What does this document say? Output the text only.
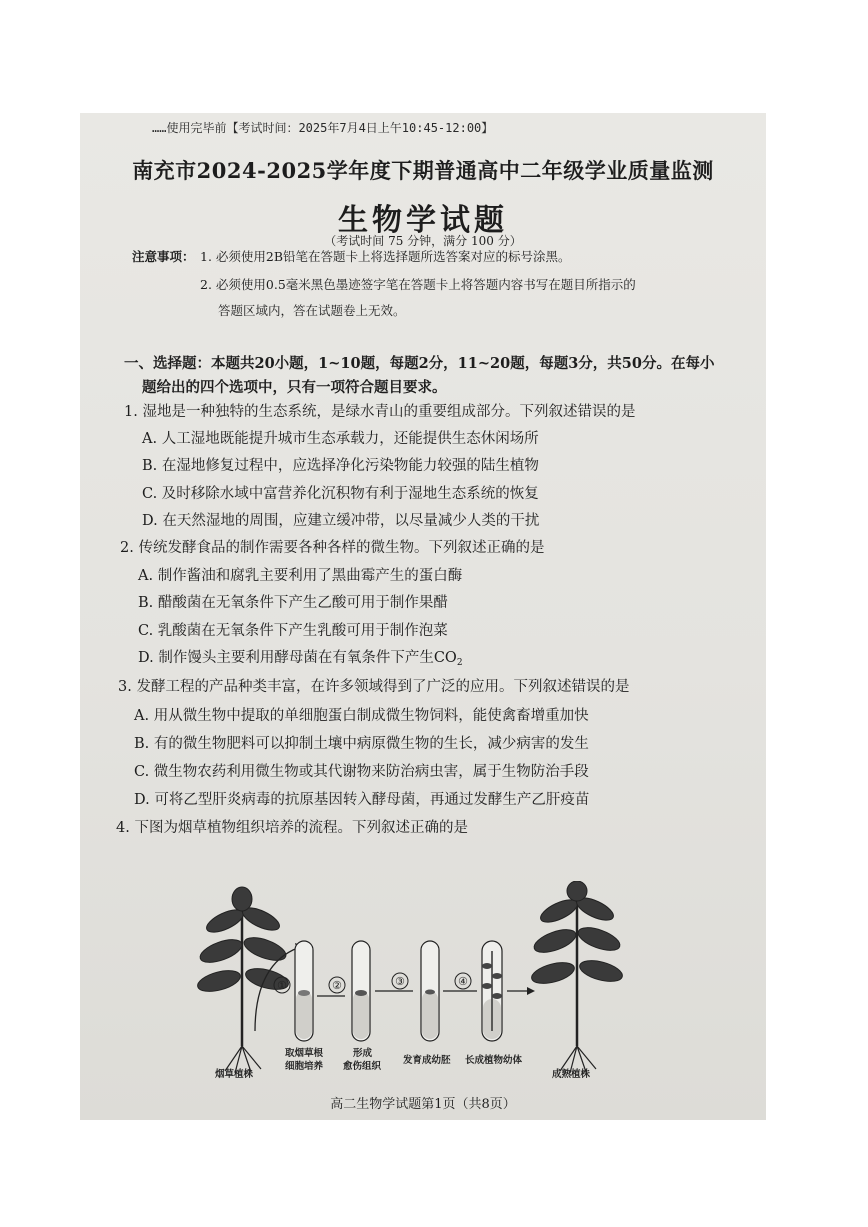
……使用完毕前【考试时间：2025年7月4日上午10:45-12:00】
南充市2024-2025学年度下期普通高中二年级学业质量监测
生物学试题
（考试时间 75 分钟，满分 100 分）
注意事项： 1. 必须使用2B铅笔在答题卡上将选择题所选答案对应的标号涂黑。
2. 必须使用0.5毫米黑色墨迹签字笔在答题卡上将答题内容书写在题目所指示的
答题区域内，答在试题卷上无效。
一、选择题：本题共20小题，1~10题，每题2分，11~20题，每题3分，共50分。在每小
题给出的四个选项中，只有一项符合题目要求。
1. 湿地是一种独特的生态系统，是绿水青山的重要组成部分。下列叙述错误的是
A. 人工湿地既能提升城市生态承载力，还能提供生态休闲场所
B. 在湿地修复过程中，应选择净化污染物能力较强的陆生植物
C. 及时移除水域中富营养化沉积物有利于湿地生态系统的恢复
D. 在天然湿地的周围，应建立缓冲带，以尽量减少人类的干扰
2. 传统发酵食品的制作需要各种各样的微生物。下列叙述正确的是
A. 制作酱油和腐乳主要利用了黑曲霉产生的蛋白酶
B. 醋酸菌在无氧条件下产生乙酸可用于制作果醋
C. 乳酸菌在无氧条件下产生乳酸可用于制作泡菜
D. 制作馒头主要利用酵母菌在有氧条件下产生$CO_2$
3. 发酵工程的产品种类丰富，在许多领域得到了广泛的应用。下列叙述错误的是
A. 用从微生物中提取的单细胞蛋白制成微生物饲料，能使禽畜增重加快
B. 有的微生物肥料可以抑制土壤中病原微生物的生长，减少病害的发生
C. 微生物农药利用微生物或其代谢物来防治病虫害，属于生物防治手段
D. 可将乙型肝炎病毒的抗原基因转入酵母菌，再通过发酵生产乙肝疫苗
4. 下图为烟草植物组织培养的流程。下列叙述正确的是
烟草植株
①
取烟草根
细胞培养
②
形成
愈伤组织
③
发育成幼胚
④
长成植物幼体
成熟植株
高二生物学试题第1页（共8页）
